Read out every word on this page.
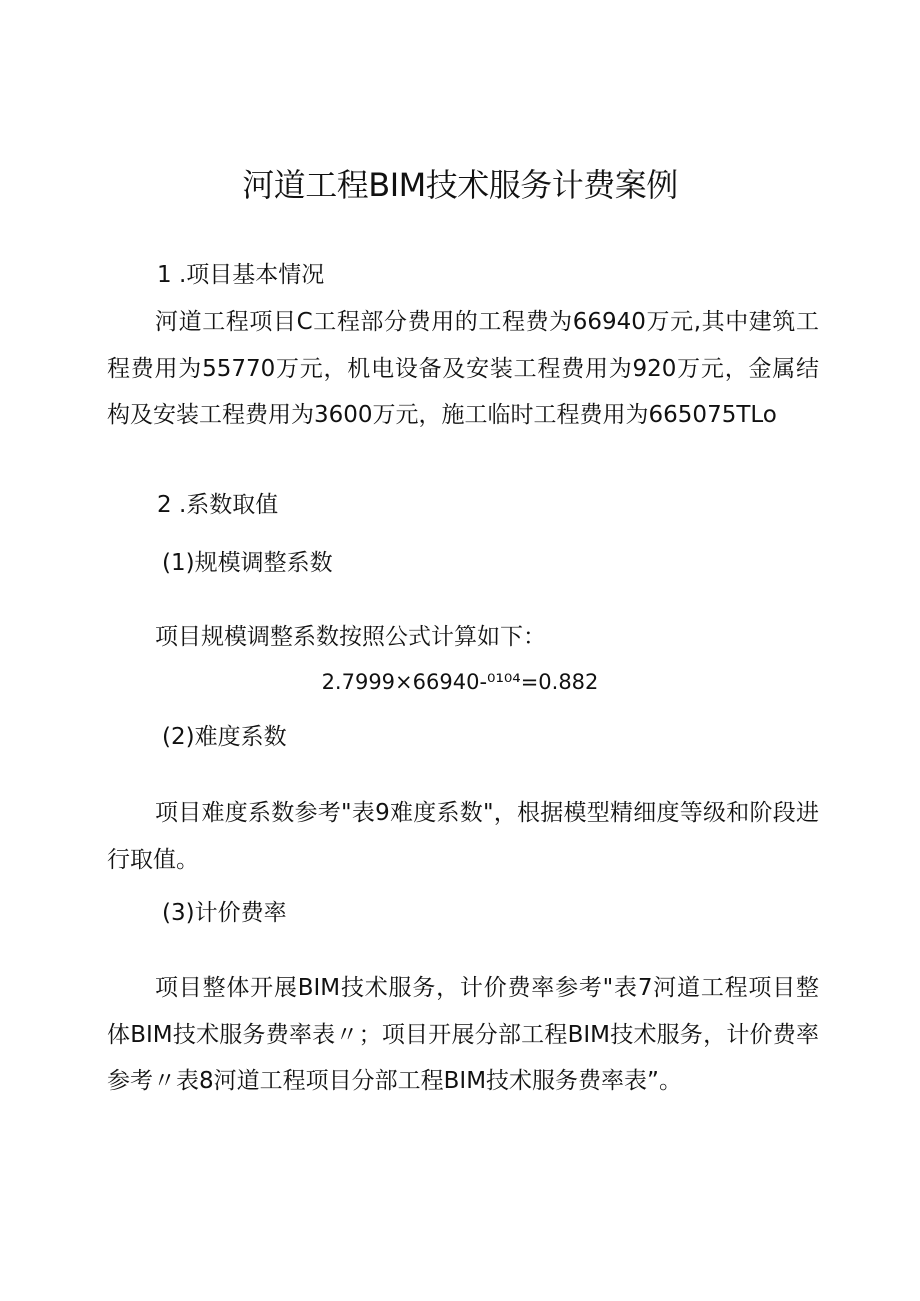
河道工程BIM技术服务计费案例
1 .项目基本情况

河道工程项目C工程部分费用的工程费为66940万元,其中建筑工程费用为55770万元，机电设备及安装工程费用为920万元，金属结构及安装工程费用为3600万元，施工临时工程费用为665075TLo

2 .系数取值
(1)规模调整系数
项目规模调整系数按照公式计算如下：
2.7999×66940-⁰¹⁰⁴=0.882
(2)难度系数

项目难度系数参考"表9难度系数"，根据模型精细度等级和阶段进行取值。

(3)计价费率

项目整体开展BIM技术服务，计价费率参考"表7河道工程项目整体BIM技术服务费率表〃；项目开展分部工程BIM技术服务，计价费率参考〃表8河道工程项目分部工程BIM技术服务费率表”。
